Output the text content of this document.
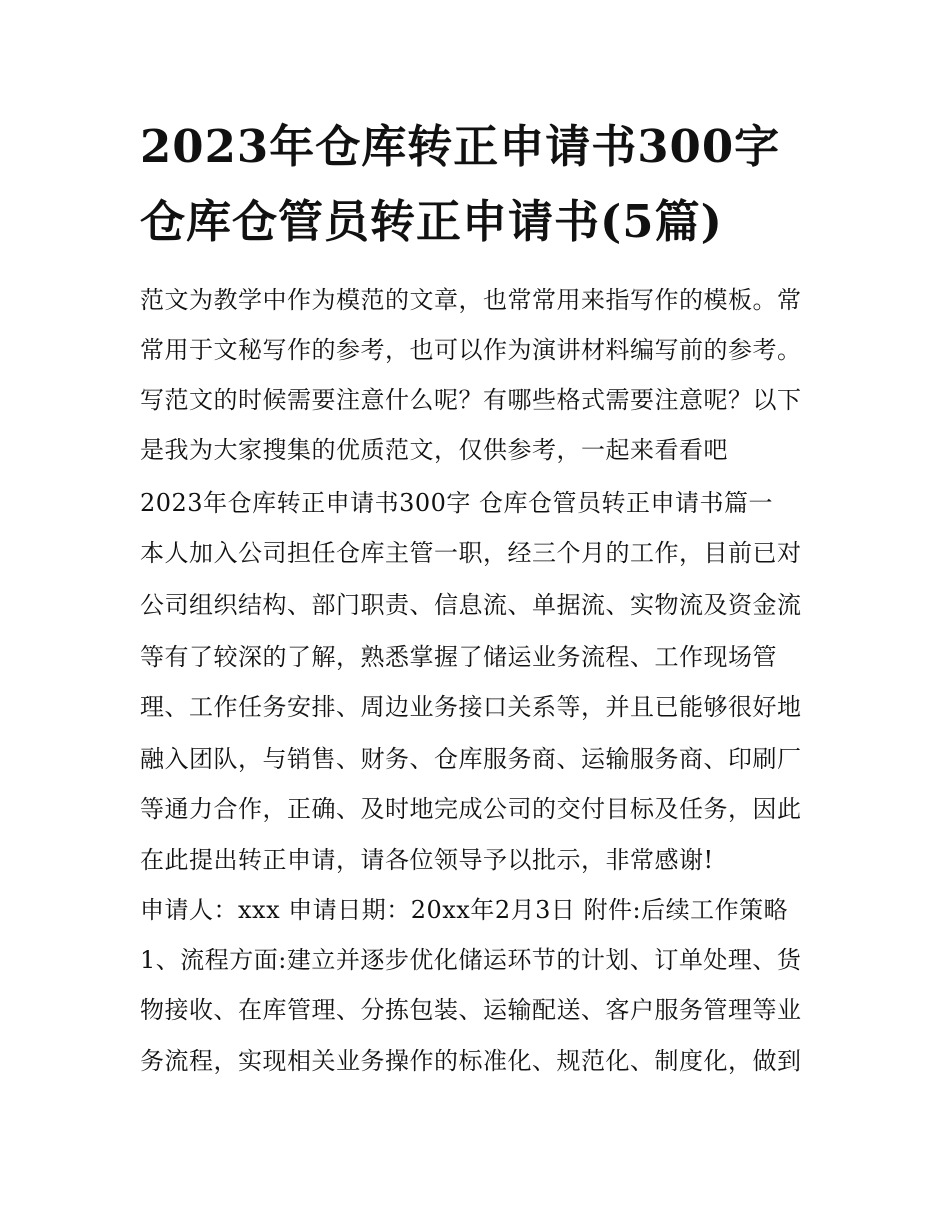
2023年仓库转正申请书300字
仓库仓管员转正申请书(5篇)

范文为教学中作为模范的文章，也常常用来指写作的模板。常

常用于文秘写作的参考，也可以作为演讲材料编写前的参考。

写范文的时候需要注意什么呢？有哪些格式需要注意呢？以下

是我为大家搜集的优质范文，仅供参考，一起来看看吧

2023年仓库转正申请书300字 仓库仓管员转正申请书篇一

本人加入公司担任仓库主管一职，经三个月的工作，目前已对

公司组织结构、部门职责、信息流、单据流、实物流及资金流

等有了较深的了解，熟悉掌握了储运业务流程、工作现场管

理、工作任务安排、周边业务接口关系等，并且已能够很好地

融入团队，与销售、财务、仓库服务商、运输服务商、印刷厂

等通力合作，正确、及时地完成公司的交付目标及任务，因此

在此提出转正申请，请各位领导予以批示，非常感谢!

申请人：xxx 申请日期：20xx年2月3日 附件:后续工作策略

1、流程方面:建立并逐步优化储运环节的计划、订单处理、货

物接收、在库管理、分拣包装、运输配送、客户服务管理等业

务流程，实现相关业务操作的标准化、规范化、制度化，做到
